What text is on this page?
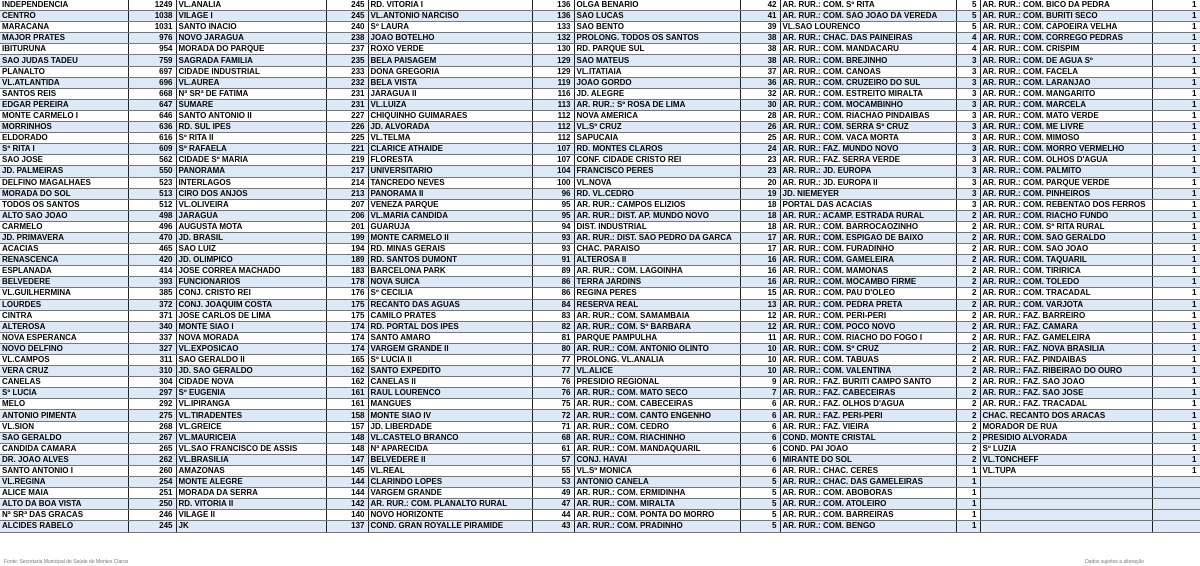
INDEPENDENCIA	1249	VL.ANALIA	245	RD. VITORIA I	136	OLGA BENARIO	42	AR. RUR.: COM. Sº RITA	5	AR. RUR.: COM. BICO DA PEDRA	1
CENTRO	1038	VILAGE I	245	VL.ANTONIO NARCISO	136	SAO LUCAS	41	AR. RUR.: COM. SAO JOAO DA VEREDA	5	AR. RUR.: COM. BURITI SECO	1
MARACANA	1031	SANTO INACIO	240	Sº LAURA	133	SAO BENTO	39	VL.SAO LOURENCO	5	AR. RUR.: COM. CAPOEIRA VELHA	1
MAJOR PRATES	976	NOVO JARAGUA	238	JOAO BOTELHO	132	PROLONG. TODOS OS SANTOS	38	AR. RUR.: CHAC. DAS PAINEIRAS	4	AR. RUR.: COM. CORREGO PEDRAS	1
IBITURUNA	954	MORADA DO PARQUE	237	ROXO VERDE	130	RD. PARQUE SUL	38	AR. RUR.: COM. MANDACARU	4	AR. RUR.: COM. CRISPIM	1
SAO JUDAS TADEU	759	SAGRADA FAMILIA	235	BELA PAISAGEM	129	SAO MATEUS	38	AR. RUR.: COM. BREJINHO	3	AR. RUR.: COM. DE AGUA Sº	1
PLANALTO	697	CIDADE INDUSTRIAL	233	DONA GREGORIA	129	VL.ITATIAIA	37	AR. RUR.: COM. CANOAS	3	AR. RUR.: COM. FACELA	1
VL.ATLANTIDA	696	VL.AUREA	232	BELA VISTA	119	JOAO GORDO	36	AR. RUR.: COM. CRUZEIRO DO SUL	3	AR. RUR.: COM. LARANJAO	1
SANTOS REIS	668	Nª SRª DE FATIMA	231	JARAGUA II	116	JD. ALEGRE	32	AR. RUR.: COM. ESTREITO MIRALTA	3	AR. RUR.: COM. MANGARITO	1
EDGAR PEREIRA	647	SUMARE	231	VL.LUIZA	113	AR. RUR.: Sº ROSA DE LIMA	30	AR. RUR.: COM. MOCAMBINHO	3	AR. RUR.: COM. MARCELA	1
MONTE CARMELO I	646	SANTO ANTONIO II	227	CHIQUINHO GUIMARAES	112	NOVA AMERICA	28	AR. RUR.: COM. RIACHAO PINDAIBAS	3	AR. RUR.: COM. MATO VERDE	1
MORRINHOS	636	RD. SUL IPES	226	JD. ALVORADA	112	VL.Sº CRUZ	26	AR. RUR.: COM. SERRA Sº CRUZ	3	AR. RUR.: COM. ME LIVRE	1
ELDORADO	616	Sº RITA II	225	VL.TELMA	112	SAPUCAIA	25	AR. RUR.: COM. VACA MORTA	3	AR. RUR.: COM. MIMOSO	1
Sº RITA I	609	Sº RAFAELA	221	CLARICE ATHAIDE	107	RD. MONTES CLAROS	24	AR. RUR.: FAZ. MUNDO NOVO	3	AR. RUR.: COM. MORRO VERMELHO	1
SAO JOSE	562	CIDADE Sº MARIA	219	FLORESTA	107	CONF. CIDADE CRISTO REI	23	AR. RUR.: FAZ. SERRA VERDE	3	AR. RUR.: COM. OLHOS D'AGUA	1
JD. PALMEIRAS	550	PANORAMA	217	UNIVERSITARIO	104	FRANCISCO PERES	23	AR. RUR.: JD. EUROPA	3	AR. RUR.: COM. PALMITO	1
DELFINO MAGALHAES	523	INTERLAGOS	214	TANCREDO NEVES	100	VL.NOVA	20	AR. RUR.: JD. EUROPA II	3	AR. RUR.: COM. PARQUE VERDE	1
MORADA DO SOL	513	CIRO DOS ANJOS	213	PANORAMA II	96	RD. VL.CEDRO	19	JD. NIEMEYER	3	AR. RUR.: COM. PINHEIROS	1
TODOS OS SANTOS	512	VL.OLIVEIRA	207	VENEZA PARQUE	95	AR. RUR.: CAMPOS ELIZIOS	18	PORTAL DAS ACACIAS	3	AR. RUR.: COM. REBENTAO DOS FERROS	1
ALTO SAO JOAO	498	JARAGUA	206	VL.MARIA CANDIDA	95	AR. RUR.: DIST. AP. MUNDO NOVO	18	AR. RUR.: ACAMP. ESTRADA RURAL	2	AR. RUR.: COM. RIACHO FUNDO	1
CARMELO	496	AUGUSTA MOTA	201	GUARUJA	94	DIST. INDUSTRIAL	18	AR. RUR.: COM. BARROCAOZINHO	2	AR. RUR.: COM. Sº RITA RURAL	1
JD. PRIMAVERA	470	JD. BRASIL	199	MONTE CARMELO II	93	AR. RUR.: DIST. SAO PEDRO DA GARCA	17	AR. RUR.: COM. ESPIGAO DE BAIXO	2	AR. RUR.: COM. SAO GERALDO	1
ACACIAS	465	SAO LUIZ	194	RD. MINAS GERAIS	93	CHAC. PARAISO	17	AR. RUR.: COM. FURADINHO	2	AR. RUR.: COM. SAO JOAO	1
RENASCENCA	420	JD. OLIMPICO	189	RD. SANTOS DUMONT	91	ALTEROSA II	16	AR. RUR.: COM. GAMELEIRA	2	AR. RUR.: COM. TAQUARIL	1
ESPLANADA	414	JOSE CORREA MACHADO	183	BARCELONA PARK	89	AR. RUR.: COM. LAGOINHA	16	AR. RUR.: COM. MAMONAS	2	AR. RUR.: COM. TIRIRICA	1
BELVEDERE	393	FUNCIONARIOS	178	NOVA SUICA	86	TERRA JARDINS	16	AR. RUR.: COM. MOCAMBO FIRME	2	AR. RUR.: COM. TOLEDO	1
VL.GUILHERMINA	385	CONJ. CRISTO REI	176	Sº CECILIA	86	REGINA PERES	15	AR. RUR.: COM. PAU D'OLEO	2	AR. RUR.: COM. TRACADAL	1
LOURDES	372	CONJ. JOAQUIM COSTA	175	RECANTO DAS AGUAS	84	RESERVA REAL	13	AR. RUR.: COM. PEDRA PRETA	2	AR. RUR.: COM. VARJOTA	1
CINTRA	371	JOSE CARLOS DE LIMA	175	CAMILO PRATES	83	AR. RUR.: COM. SAMAMBAIA	12	AR. RUR.: COM. PERI-PERI	2	AR. RUR.: FAZ. BARREIRO	1
ALTEROSA	340	MONTE SIAO I	174	RD. PORTAL DOS IPES	82	AR. RUR.: COM. Sº BARBARA	12	AR. RUR.: COM. POCO NOVO	2	AR. RUR.: FAZ. CAMARA	1
NOVA ESPERANCA	337	NOVA MORADA	174	SANTO AMARO	81	PARQUE PAMPULHA	11	AR. RUR.: COM. RIACHO DO FOGO I	2	AR. RUR.: FAZ. GAMELEIRA	1
NOVO DELFINO	327	VL.EXPOSICAO	174	VARGEM GRANDE II	80	AR. RUR.: COM. ANTONIO OLINTO	10	AR. RUR.: COM. Sº CRUZ	2	AR. RUR.: FAZ. NOVA BRASILIA	1
VL.CAMPOS	311	SAO GERALDO II	165	Sº LUCIA II	77	PROLONG. VL.ANALIA	10	AR. RUR.: COM. TABUAS	2	AR. RUR.: FAZ. PINDAIBAS	1
VERA CRUZ	310	JD. SAO GERALDO	162	SANTO EXPEDITO	77	VL.ALICE	10	AR. RUR.: COM. VALENTINA	2	AR. RUR.: FAZ. RIBEIRAO DO OURO	1
CANELAS	304	CIDADE NOVA	162	CANELAS II	76	PRESIDIO REGIONAL	9	AR. RUR.: FAZ. BURITI CAMPO SANTO	2	AR. RUR.: FAZ. SAO JOAO	1
Sº LUCIA	297	Sº EUGENIA	161	RAUL LOURENCO	76	AR. RUR.: COM. MATO SECO	7	AR. RUR.: FAZ. CABECEIRAS	2	AR. RUR.: FAZ. SAO JOSE	1
MELO	292	VL.IPIRANGA	161	MANGUES	75	AR. RUR.: COM. CABECEIRAS	6	AR. RUR.: FAZ. OLHOS D'AGUA	2	AR. RUR.: FAZ. TRACADAL	1
ANTONIO PIMENTA	275	VL.TIRADENTES	158	MONTE SIAO IV	72	AR. RUR.: COM. CANTO ENGENHO	6	AR. RUR.: FAZ. PERI-PERI	2	CHAC. RECANTO DOS ARACAS	1
VL.SION	268	VL.GREICE	157	JD. LIBERDADE	71	AR. RUR.: COM. CEDRO	6	AR. RUR.: FAZ. VIEIRA	2	MORADOR DE RUA	1
SAO GERALDO	267	VL.MAURICEIA	148	VL.CASTELO BRANCO	68	AR. RUR.: COM. RIACHINHO	6	COND. MONTE CRISTAL	2	PRESIDIO ALVORADA	1
CANDIDA CAMARA	265	VL.SAO FRANCISCO DE ASSIS	148	Nª APARECIDA	61	AR. RUR.: COM. MANDAQUARIL	6	COND. PAI JOAO	2	Sº LUZIA	1
DR. JOAO ALVES	262	VL.BRASILIA	147	BELVEDERE II	57	CONJ. HAVAI	6	MIRANTE DO SOL	2	VL.TONCHEFF	1
SANTO ANTONIO I	260	AMAZONAS	145	VL.REAL	55	VL.Sº MONICA	6	AR. RUR.: CHAC. CERES	1	VL.TUPA	1
VL.REGINA	254	MONTE ALEGRE	144	CLARINDO LOPES	53	ANTONIO CANELA	5	AR. RUR.: CHAC. DAS GAMELEIRAS	1		
ALICE MAIA	251	MORADA DA SERRA	144	VARGEM GRANDE	49	AR. RUR.: COM. ERMIDINHA	5	AR. RUR.: COM. ABOBORAS	1		
ALTO DA BOA VISTA	250	RD. VITORIA II	142	AR. RUR.: COM. PLANALTO RURAL	47	AR. RUR.: COM. MIRALTA	5	AR. RUR.: COM. ATOLEIRO	1		
Nª SRª DAS GRACAS	246	VILAGE II	140	NOVO HORIZONTE	44	AR. RUR.: COM. PONTA DO MORRO	5	AR. RUR.: COM. BARREIRAS	1		
ALCIDES RABELO	245	JK	137	COND. GRAN ROYALLE PIRAMIDE	43	AR. RUR.: COM. PRADINHO	5	AR. RUR.: COM. BENGO	1		
Fonte: Secretaria Municipal de Saúde de Montes Claros	Dados sujeitos a alteração
